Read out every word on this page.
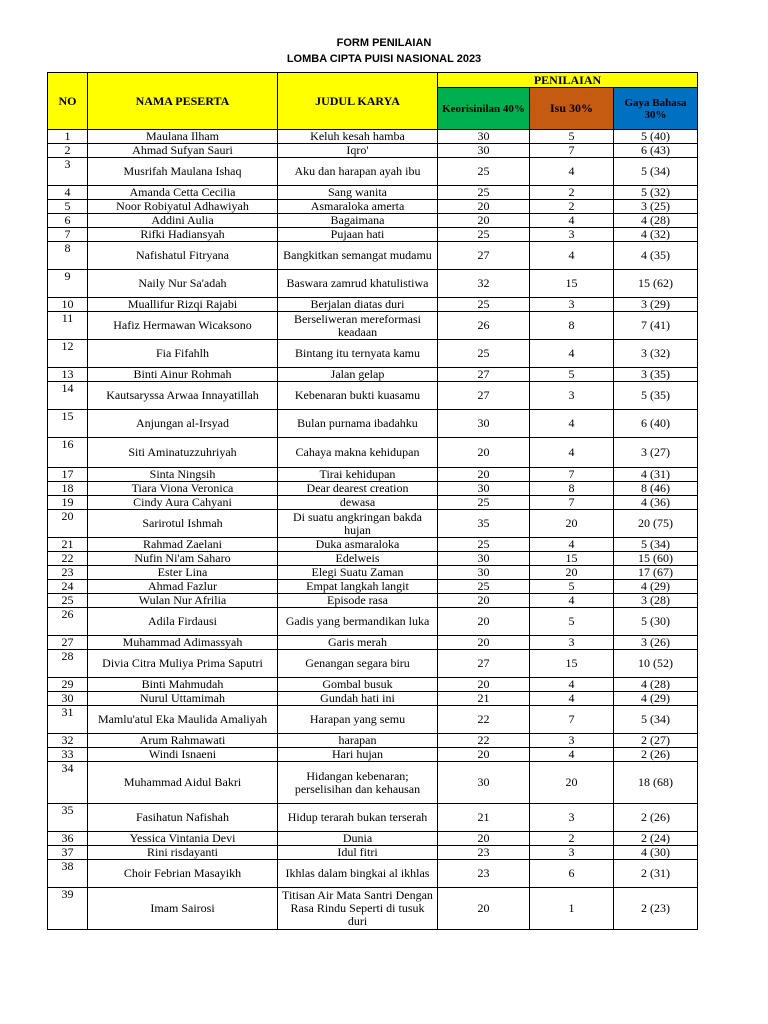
FORM PENILAIAN
LOMBA CIPTA PUISI NASIONAL 2023
NO	NAMA PESERTA	JUDUL KARYA	PENILAIAN		
			Keorisinilan 40%	Isu 30%	Gaya Bahasa 30%
1	Maulana Ilham	Keluh kesah hamba	30	5	5 (40)
2	Ahmad Sufyan Sauri	Iqro'	30	7	6 (43)
3	Musrifah Maulana Ishaq	Aku dan harapan ayah ibu	25	4	5 (34)
4	Amanda Cetta Cecilia	Sang wanita	25	2	5 (32)
5	Noor Robiyatul Adhawiyah	Asmaraloka amerta	20	2	3 (25)
6	Addini Aulia	Bagaimana	20	4	4 (28)
7	Rifki Hadiansyah	Pujaan hati	25	3	4 (32)
8	Nafishatul Fitryana	Bangkitkan semangat mudamu	27	4	4 (35)
9	Naily Nur Sa'adah	Baswara zamrud khatulistiwa	32	15	15 (62)
10	Muallifur Rizqi Rajabi	Berjalan diatas duri	25	3	3 (29)
11	Hafiz Hermawan Wicaksono	Berseliweran mereformasi keadaan	26	8	7 (41)
12	Fia Fifahlh	Bintang itu ternyata kamu	25	4	3 (32)
13	Binti Ainur Rohmah	Jalan gelap	27	5	3 (35)
14	Kautsaryssa Arwaa Innayatillah	Kebenaran bukti kuasamu	27	3	5 (35)
15	Anjungan al-Irsyad	Bulan purnama ibadahku	30	4	6 (40)
16	Siti Aminatuzzuhriyah	Cahaya makna kehidupan	20	4	3 (27)
17	Sinta Ningsih	Tirai kehidupan	20	7	4 (31)
18	Tiara Viona Veronica	Dear dearest creation	30	8	8 (46)
19	Cindy Aura Cahyani	dewasa	25	7	4 (36)
20	Sarirotul Ishmah	Di suatu angkringan bakda hujan	35	20	20 (75)
21	Rahmad Zaelani	Duka asmaraloka	25	4	5 (34)
22	Nufin Ni'am Saharo	Edelweis	30	15	15 (60)
23	Ester Lina	Elegi Suatu Zaman	30	20	17 (67)
24	Ahmad Fazlur	Empat langkah langit	25	5	4 (29)
25	Wulan Nur Afrilia	Episode rasa	20	4	3 (28)
26	Adila Firdausi	Gadis yang bermandikan luka	20	5	5 (30)
27	Muhammad Adimassyah	Garis merah	20	3	3 (26)
28	Divia Citra Muliya Prima Saputri	Genangan segara biru	27	15	10 (52)
29	Binti Mahmudah	Gombal busuk	20	4	4 (28)
30	Nurul Uttamimah	Gundah hati ini	21	4	4 (29)
31	Mamlu'atul Eka Maulida Amaliyah	Harapan yang semu	22	7	5 (34)
32	Arum Rahmawati	harapan	22	3	2 (27)
33	Windi Isnaeni	Hari hujan	20	4	2 (26)
34	Muhammad Aidul Bakri	Hidangan kebenaran; perselisihan dan kehausan	30	20	18 (68)
35	Fasihatun Nafishah	Hidup terarah bukan terserah	21	3	2 (26)
36	Yessica Vintania Devi	Dunia	20	2	2 (24)
37	Rini risdayanti	Idul fitri	23	3	4 (30)
38	Choir Febrian Masayikh	Ikhlas dalam bingkai al ikhlas	23	6	2 (31)
39	Imam Sairosi	Titisan Air Mata Santri Dengan Rasa Rindu Seperti di tusuk duri	20	1	2 (23)
